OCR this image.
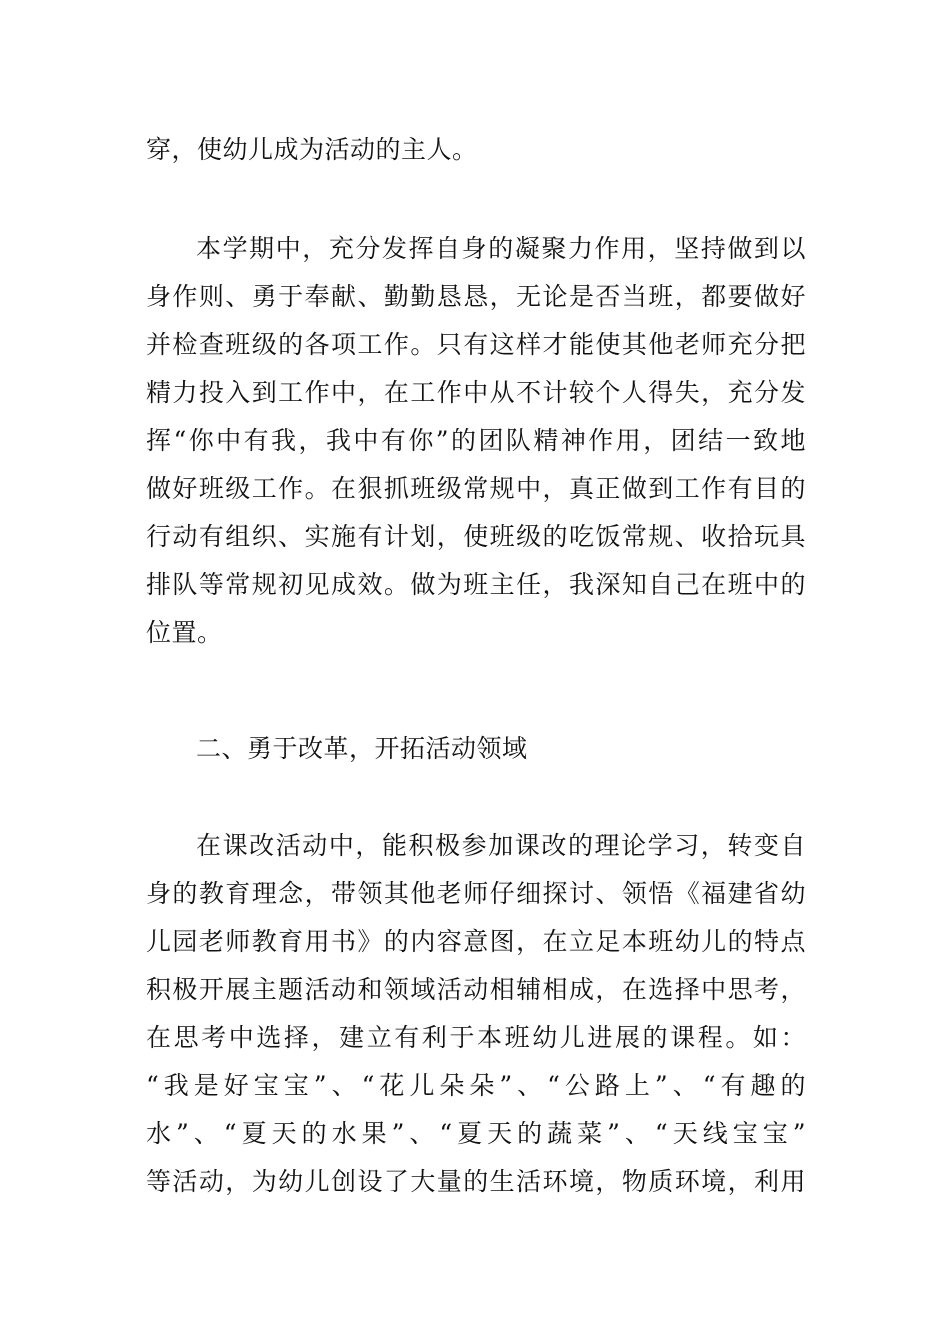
穿，使幼儿成为活动的主人。
本学期中，充分发挥自身的凝聚力作用，坚持做到以
身作则、勇于奉献、勤勤恳恳，无论是否当班，都要做好
并检查班级的各项工作。只有这样才能使其他老师充分把
精力投入到工作中，在工作中从不计较个人得失，充分发
挥“你中有我，我中有你”的团队精神作用，团结一致地
做好班级工作。在狠抓班级常规中，真正做到工作有目的
行动有组织、实施有计划，使班级的吃饭常规、收拾玩具
排队等常规初见成效。做为班主任，我深知自己在班中的
位置。
二、勇于改革，开拓活动领域
在课改活动中，能积极参加课改的理论学习，转变自
身的教育理念，带领其他老师仔细探讨、领悟《福建省幼
儿园老师教育用书》的内容意图，在立足本班幼儿的特点
积极开展主题活动和领域活动相辅相成，在选择中思考，
在思考中选择，建立有利于本班幼儿进展的课程。如：
“我是好宝宝”、“花儿朵朵”、“公路上”、“有趣的
水”、“夏天的水果”、“夏天的蔬菜”、“天线宝宝”
等活动，为幼儿创设了大量的生活环境，物质环境，利用
